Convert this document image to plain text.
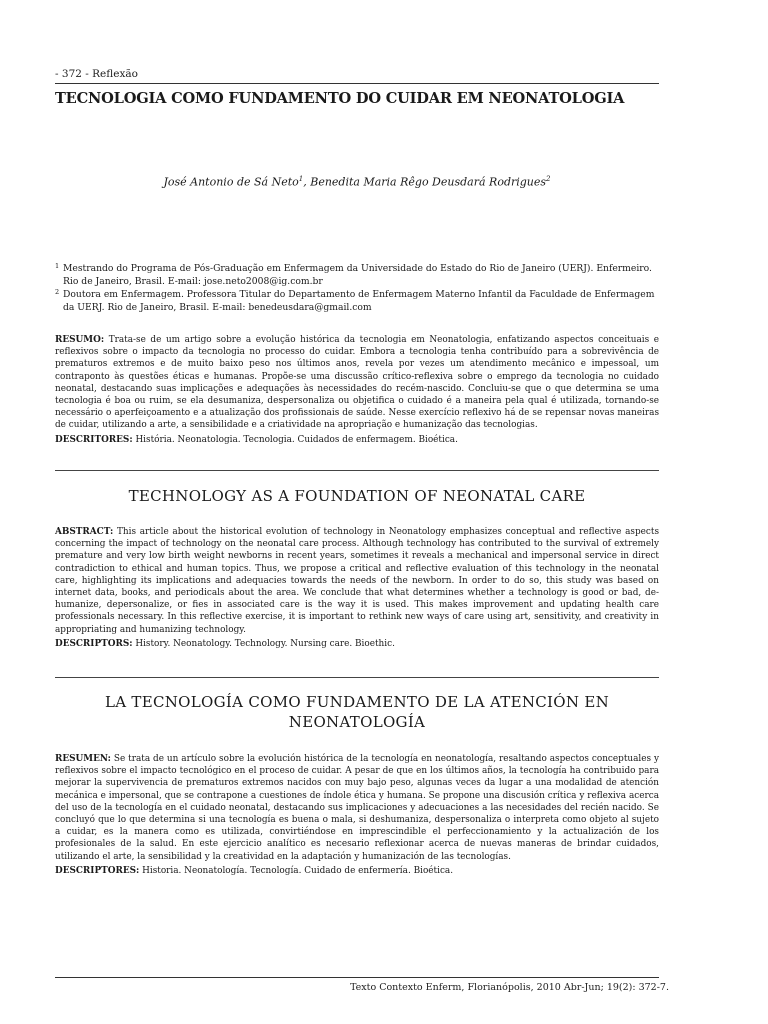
- 372 - Reflexão
TECNOLOGIA COMO FUNDAMENTO DO CUIDAR EM NEONATOLOGIA
José Antonio de Sá Neto$^1$, Benedita Maria Rêgo Deusdará Rodrigues$^2$
1 Mestrando do Programa de Pós-Graduação em Enfermagem da Universidade do Estado do Rio de Janeiro (UERJ). Enfermeiro. Rio de Janeiro, Brasil. E-mail: jose.neto2008@ig.com.br
2 Doutora em Enfermagem. Professora Titular do Departamento de Enfermagem Materno Infantil da Faculdade de Enfermagem da UERJ. Rio de Janeiro, Brasil. E-mail: benedeusdara@gmail.com
RESUMO: Trata-se de um artigo sobre a evolução histórica da tecnologia em Neonatologia, enfatizando aspectos conceituais e reflexivos sobre o impacto da tecnologia no processo do cuidar. Embora a tecnologia tenha contribuído para a sobrevivência de prematuros extremos e de muito baixo peso nos últimos anos, revela por vezes um atendimento mecânico e impessoal, um contraponto às questões éticas e humanas. Propõe-se uma discussão crítico-reflexiva sobre o emprego da tecnologia no cuidado neonatal, destacando suas implicações e adequações às necessidades do recém-nascido. Concluiu-se que o que determina se uma tecnologia é boa ou ruim, se ela desumaniza, despersonaliza ou objetifica o cuidado é a maneira pela qual é utilizada, tornando-se necessário o aperfeiçoamento e a atualização dos profissionais de saúde. Nesse exercício reflexivo há de se repensar novas maneiras de cuidar, utilizando a arte, a sensibilidade e a criatividade na apropriação e humanização das tecnologias.
DESCRITORES: História. Neonatologia. Tecnologia. Cuidados de enfermagem. Bioética.
TECHNOLOGY AS A FOUNDATION OF NEONATAL CARE
ABSTRACT: This article about the historical evolution of technology in Neonatology emphasizes conceptual and reflective aspects concerning the impact of technology on the neonatal care process. Although technology has contributed to the survival of extremely premature and very low birth weight newborns in recent years, sometimes it reveals a mechanical and impersonal service in direct contradiction to ethical and human topics. Thus, we propose a critical and reflective evaluation of this technology in the neonatal care, highlighting its implications and adequacies towards the needs of the newborn. In order to do so, this study was based on internet data, books, and periodicals about the area. We conclude that what determines whether a technology is good or bad, de-humanize, depersonalize, or fies in associated care is the way it is used. This makes improvement and updating health care professionals necessary. In this reflective exercise, it is important to rethink new ways of care using art, sensitivity, and creativity in appropriating and humanizing technology.
DESCRIPTORS: History. Neonatology. Technology. Nursing care. Bioethic.
LA TECNOLOGÍA COMO FUNDAMENTO DE LA ATENCIÓN EN NEONATOLOGÍA
RESUMEN: Se trata de un artículo sobre la evolución histórica de la tecnología en neonatología, resaltando aspectos conceptuales y reflexivos sobre el impacto tecnológico en el proceso de cuidar. A pesar de que en los últimos años, la tecnología ha contribuido para mejorar la supervivencia de prematuros extremos nacidos con muy bajo peso, algunas veces da lugar a una modalidad de atención mecánica e impersonal, que se contrapone a cuestiones de índole ética y humana. Se propone una discusión crítica y reflexiva acerca del uso de la tecnología en el cuidado neonatal, destacando sus implicaciones y adecuaciones a las necesidades del recién nacido. Se concluyó que lo que determina si una tecnología es buena o mala, si deshumaniza, despersonaliza o interpreta como objeto al sujeto a cuidar, es la manera como es utilizada, convirtiéndose en imprescindible el perfeccionamiento y la actualización de los profesionales de la salud. En este ejercicio analítico es necesario reflexionar acerca de nuevas maneras de brindar cuidados, utilizando el arte, la sensibilidad y la creatividad en la adaptación y humanización de las tecnologías.
DESCRIPTORES: Historia. Neonatología. Tecnología. Cuidado de enfermería. Bioética.
Texto Contexto Enferm, Florianópolis, 2010 Abr-Jun; 19(2): 372-7.
